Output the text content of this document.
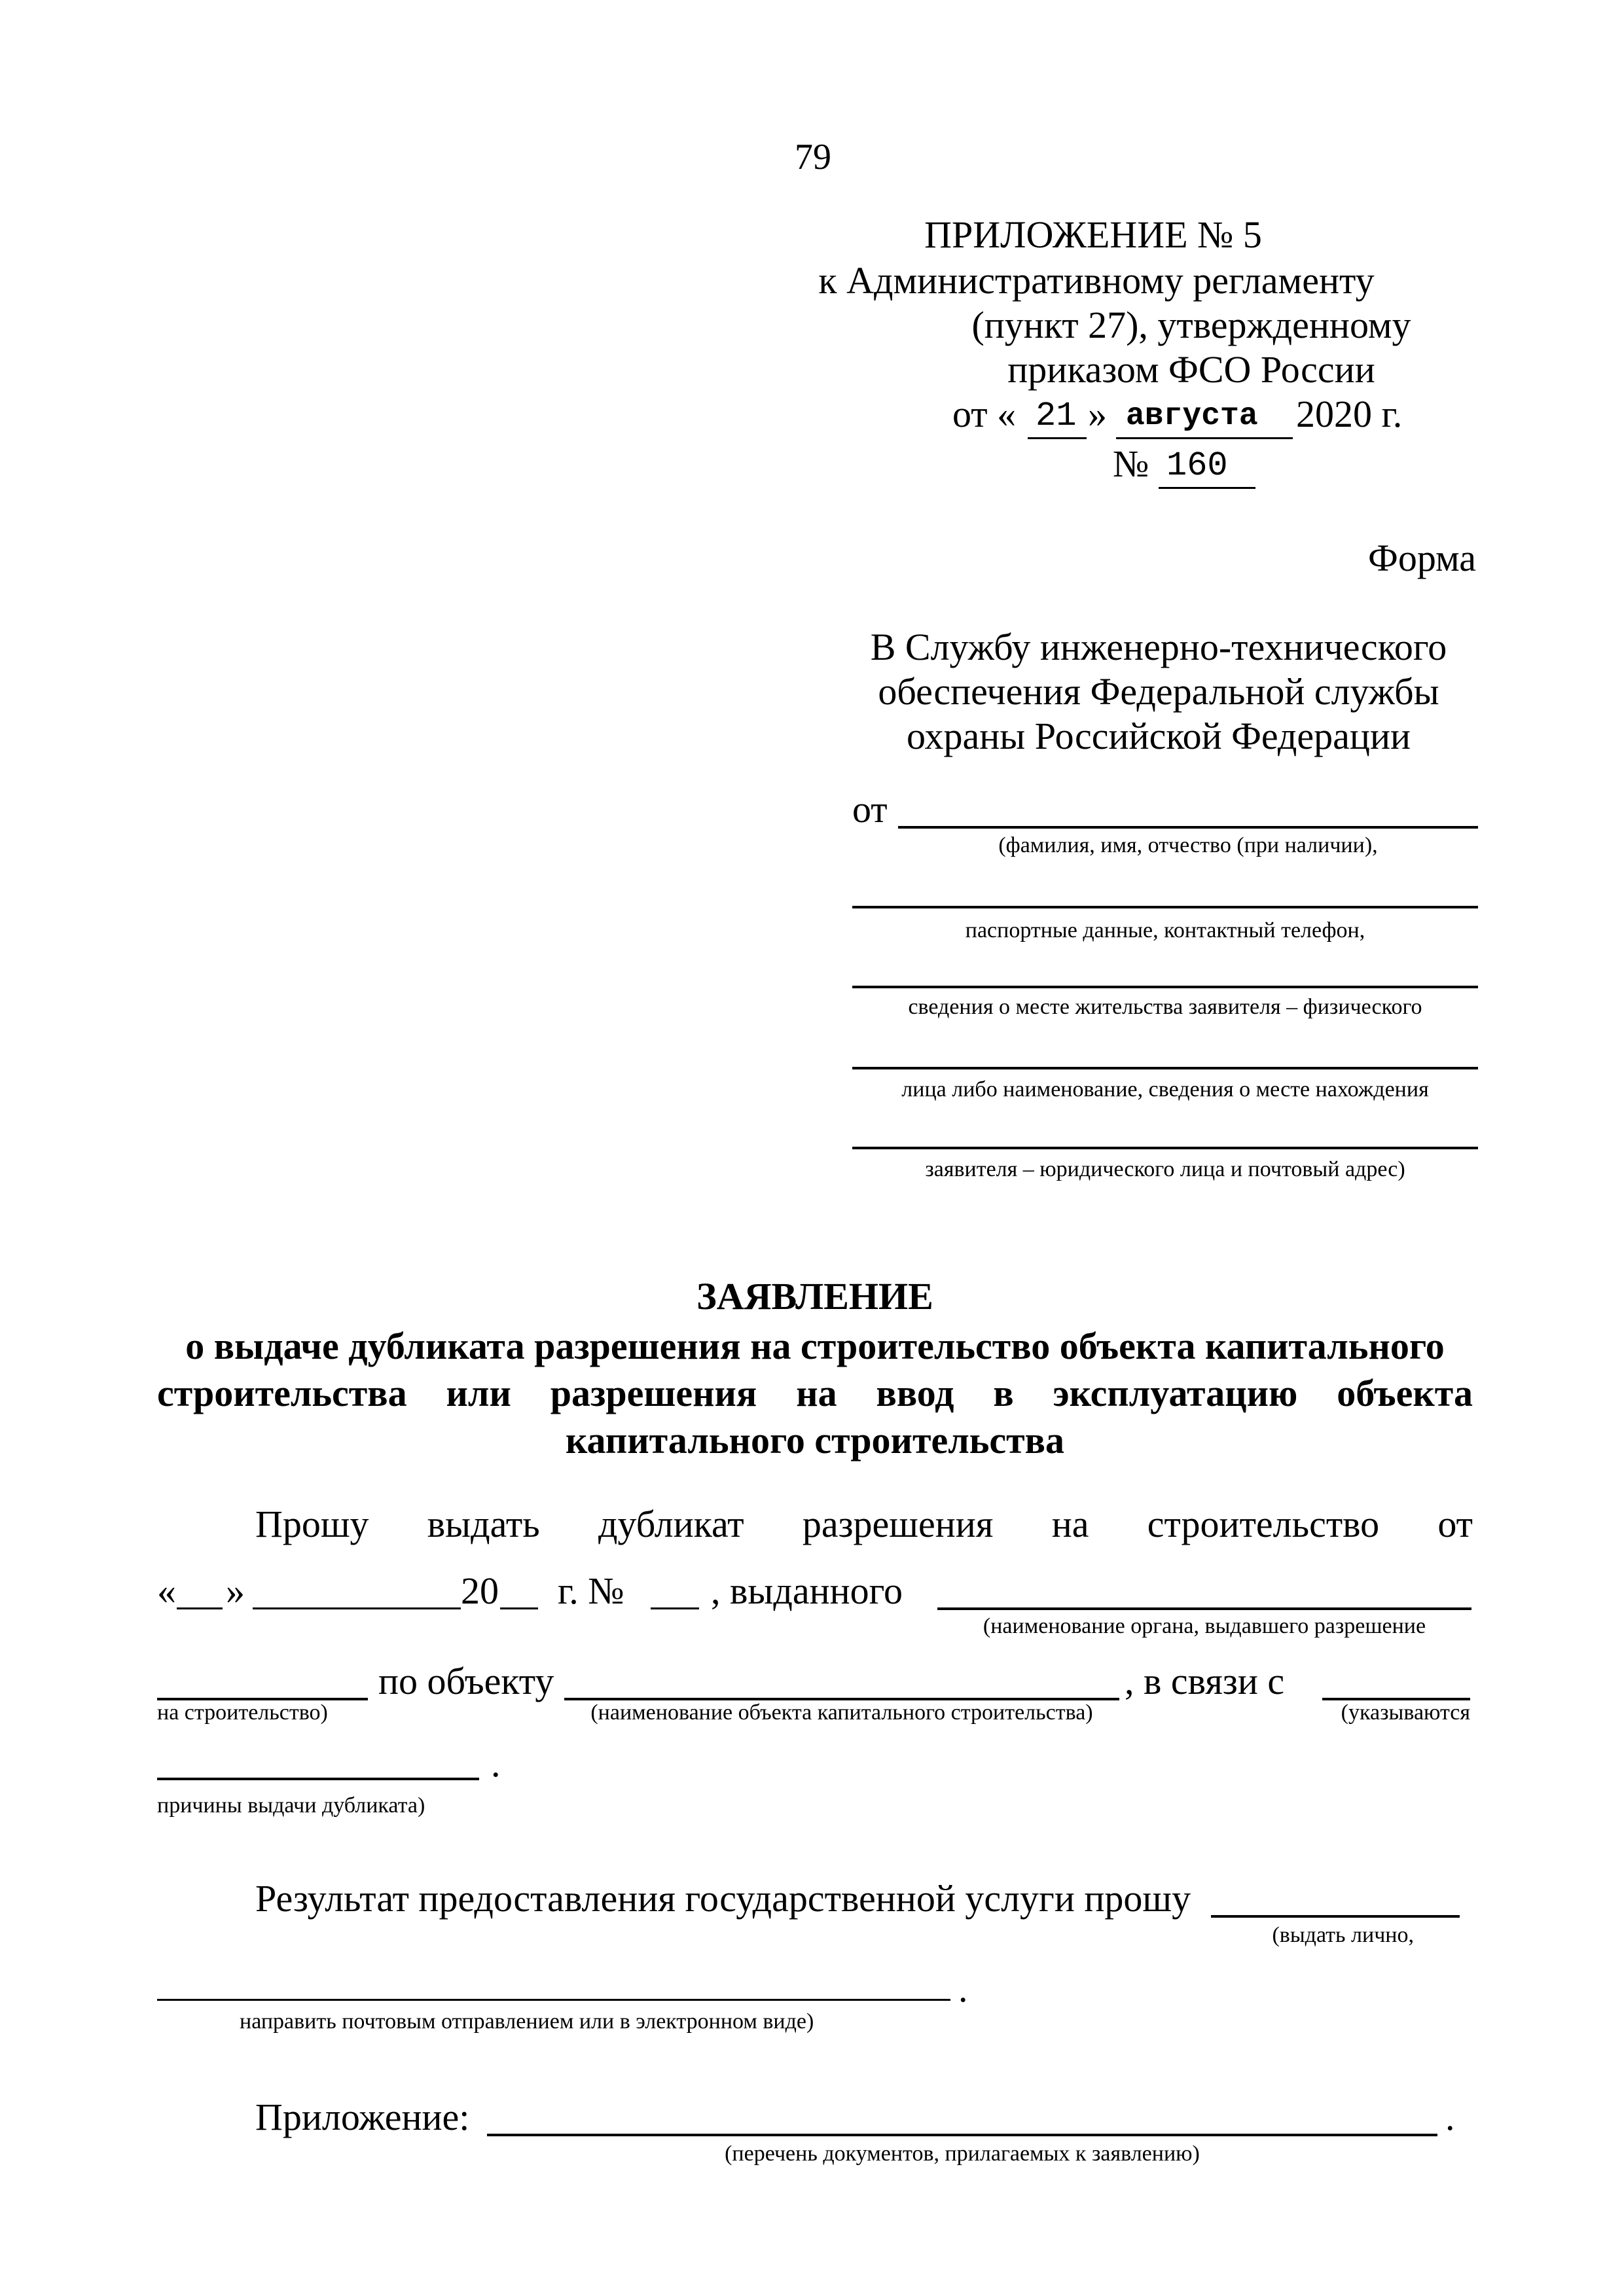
79
ПРИЛОЖЕНИЕ № 5
к Административному регламенту
(пункт 27), утвержденному
приказом ФСО России
от « 21 » августа 2020 г.
№ 160
Форма
В Службу инженерно-технического
обеспечения Федеральной службы
охраны Российской Федерации
от
(фамилия, имя, отчество (при наличии),
паспортные данные, контактный телефон,
сведения о месте жительства заявителя – физического
лица либо наименование, сведения о месте нахождения
заявителя – юридического лица и почтовый адрес)
ЗАЯВЛЕНИЕ
о выдаче дубликата разрешения на строительство объекта капитального
строительства или разрешения на ввод в эксплуатацию объекта
капитального строительства
Прошу выдать дубликат разрешения на строительство от
« »	20 г. № , выданного
(наименование органа, выдавшего разрешение
по объекту	, в связи с
на строительство)	(наименование объекта капитального строительства)	(указываются
.
причины выдачи дубликата)
Результат предоставления государственной услуги прошу
(выдать лично,
.
направить почтовым отправлением или в электронном виде)
Приложение:	.
(перечень документов, прилагаемых к заявлению)
